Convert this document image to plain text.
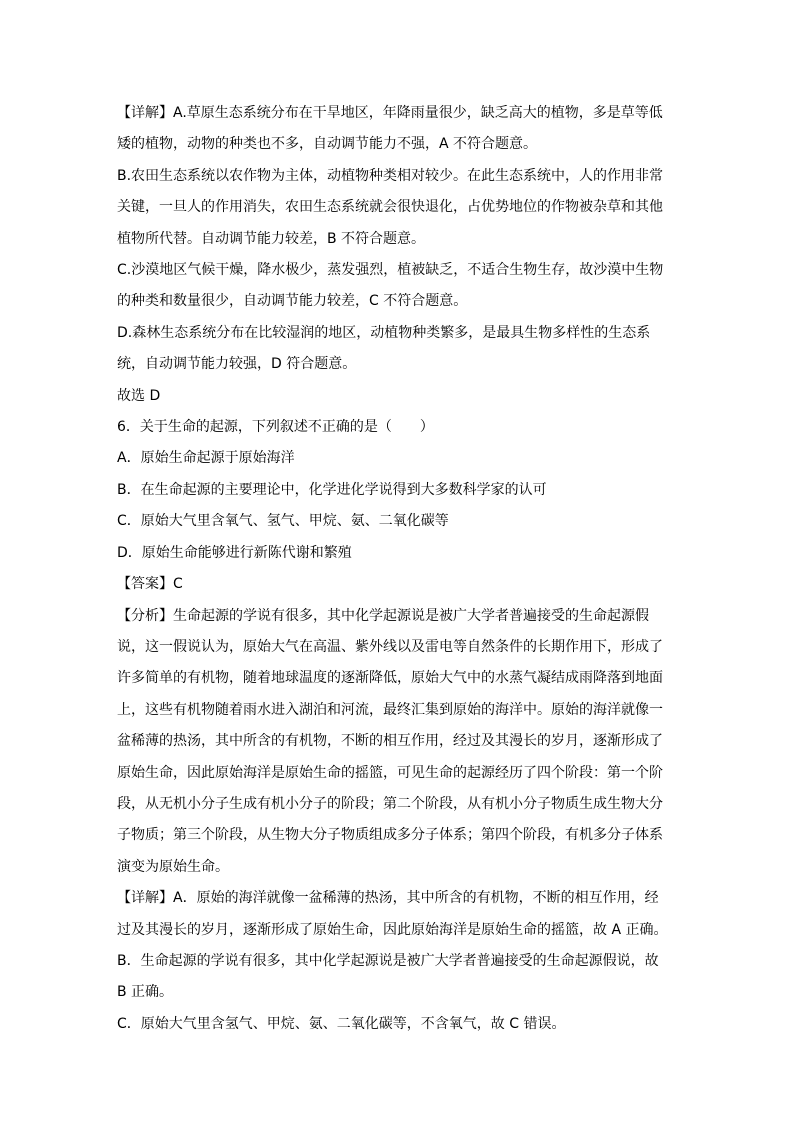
【详解】A.草原生态系统分布在干旱地区，年降雨量很少，缺乏高大的植物，多是草等低
矮的植物，动物的种类也不多，自动调节能力不强，A 不符合题意。
B.农田生态系统以农作物为主体，动植物种类相对较少。在此生态系统中，人的作用非常
关键，一旦人的作用消失，农田生态系统就会很快退化，占优势地位的作物被杂草和其他
植物所代替。自动调节能力较差，B 不符合题意。
C.沙漠地区气候干燥，降水极少，蒸发强烈，植被缺乏，不适合生物生存，故沙漠中生物
的种类和数量很少，自动调节能力较差，C 不符合题意。
D.森林生态系统分布在比较湿润的地区，动植物种类繁多，是最具生物多样性的生态系
统，自动调节能力较强，D 符合题意。
故选 D
6．关于生命的起源，下列叙述不正确的是（　　）
A．原始生命起源于原始海洋
B．在生命起源的主要理论中，化学进化学说得到大多数科学家的认可
C．原始大气里含氧气、氢气、甲烷、氨、二氧化碳等
D．原始生命能够进行新陈代谢和繁殖
【答案】C
【分析】生命起源的学说有很多，其中化学起源说是被广大学者普遍接受的生命起源假
说，这一假说认为，原始大气在高温、紫外线以及雷电等自然条件的长期作用下，形成了
许多简单的有机物，随着地球温度的逐渐降低，原始大气中的水蒸气凝结成雨降落到地面
上，这些有机物随着雨水进入湖泊和河流，最终汇集到原始的海洋中。原始的海洋就像一
盆稀薄的热汤，其中所含的有机物，不断的相互作用，经过及其漫长的岁月，逐渐形成了
原始生命，因此原始海洋是原始生命的摇篮，可见生命的起源经历了四个阶段：第一个阶
段，从无机小分子生成有机小分子的阶段；第二个阶段，从有机小分子物质生成生物大分
子物质；第三个阶段，从生物大分子物质组成多分子体系；第四个阶段，有机多分子体系
演变为原始生命。
【详解】A．原始的海洋就像一盆稀薄的热汤，其中所含的有机物，不断的相互作用，经
过及其漫长的岁月，逐渐形成了原始生命，因此原始海洋是原始生命的摇篮，故 A 正确。
B．生命起源的学说有很多，其中化学起源说是被广大学者普遍接受的生命起源假说，故
B 正确。
C．原始大气里含氢气、甲烷、氨、二氧化碳等，不含氧气，故 C 错误。
